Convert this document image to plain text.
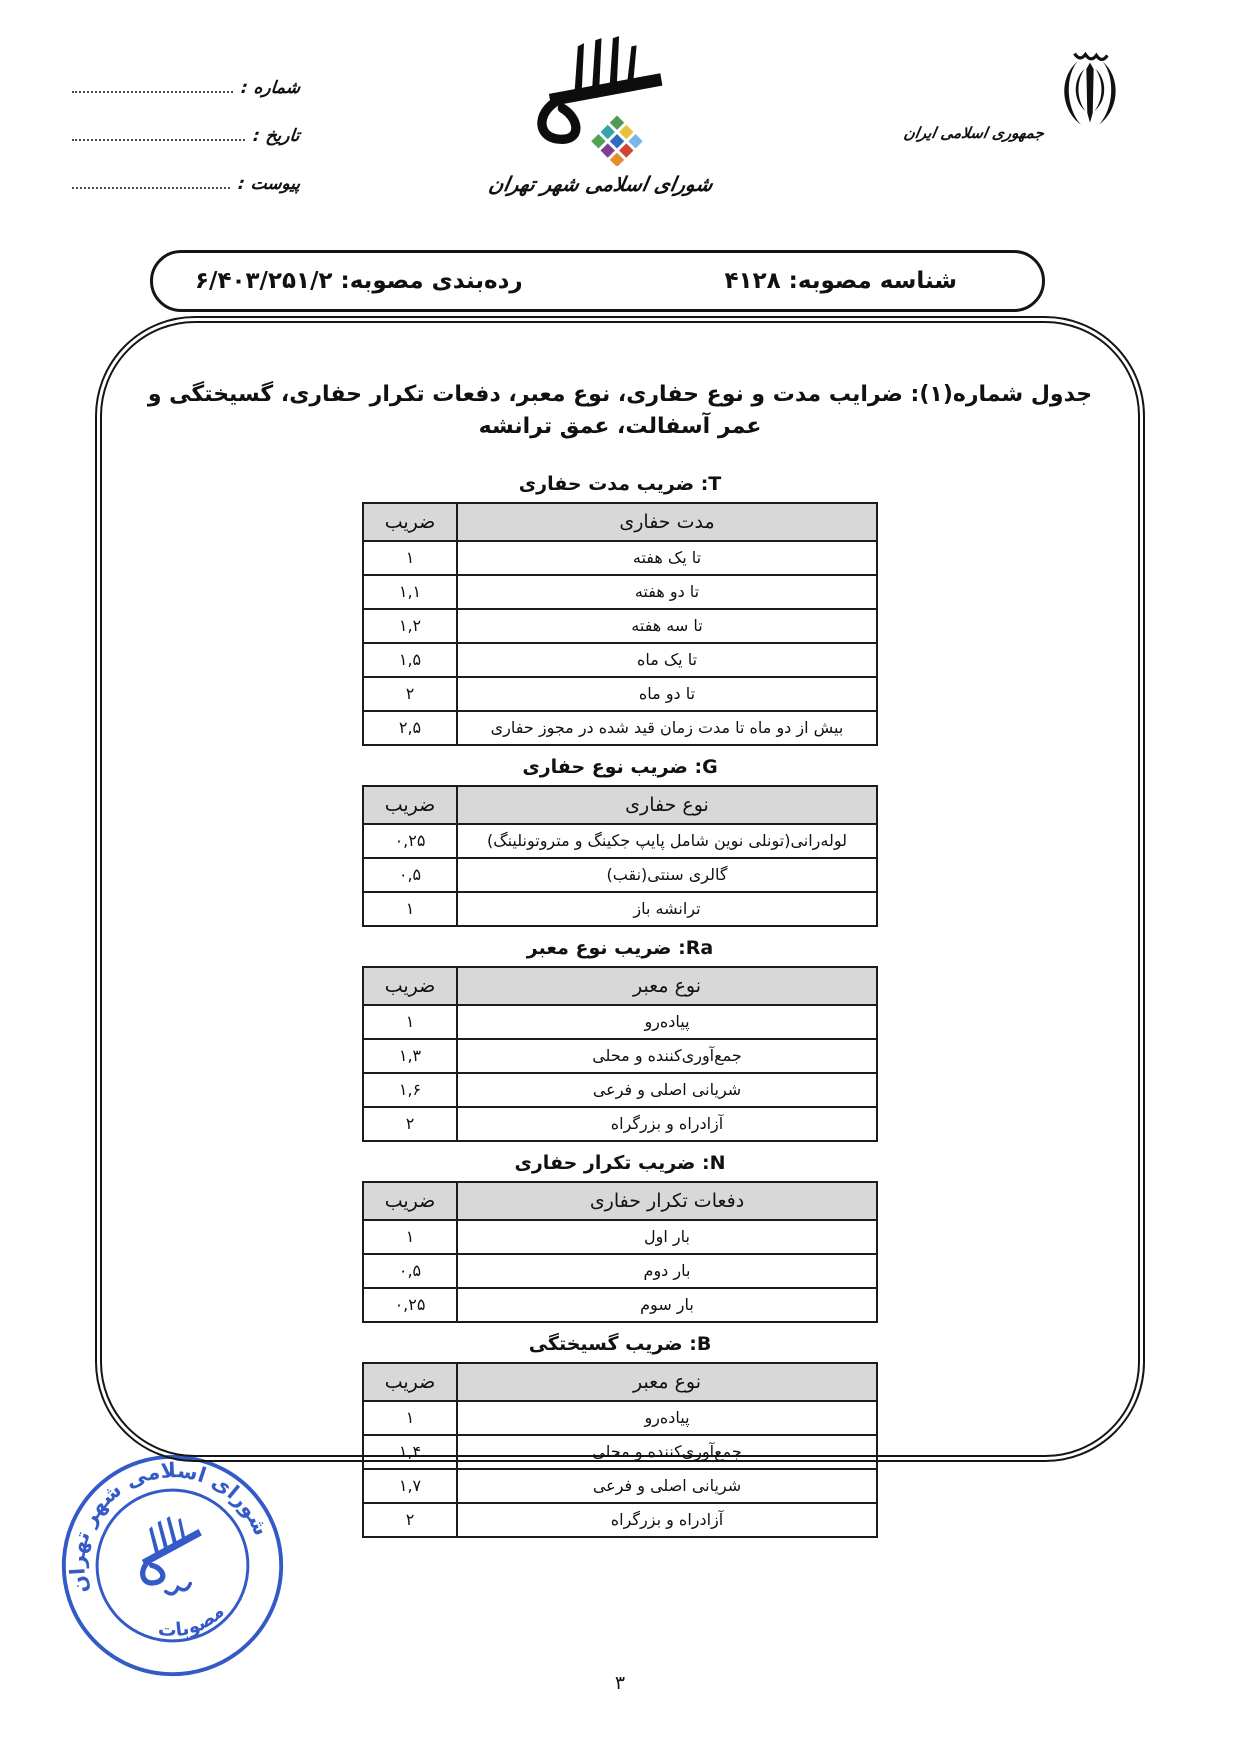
شماره :
تاریخ :
پیوست :	شورای اسلامی شهر تهران
جمهوری اسلامی ایران
شناسه مصوبه: ۴۱۲۸
رده‌بندی مصوبه: ۶/۴۰۳/۲۵۱/۲
جدول شماره(۱): ضرایب مدت و نوع حفاری، نوع معبر، دفعات تکرار حفاری، گسیختگی و عمر آسفالت، عمق ترانشه
T: ضریب مدت حفاری
مدت حفاری	ضریب
تا یک هفته	۱
تا دو هفته	۱,۱
تا سه هفته	۱,۲
تا یک ماه	۱,۵
تا دو ماه	۲
بیش از دو ماه تا مدت زمان قید شده در مجوز حفاری	۲,۵
G: ضریب نوع حفاری
نوع حفاری	ضریب
لوله‌رانی(تونلی نوین شامل پایپ جکینگ و متروتونلینگ)	۰,۲۵
گالری سنتی(نقب)	۰,۵
ترانشه باز	۱
Ra: ضریب نوع معبر
نوع معبر	ضریب
پیاده‌رو	۱
جمع‌آوری‌کننده و محلی	۱,۳
شریانی اصلی و فرعی	۱,۶
آزادراه و بزرگراه	۲
N: ضریب تکرار حفاری
دفعات تکرار حفاری	ضریب
بار اول	۱
بار دوم	۰,۵
بار سوم	۰,۲۵
B: ضریب گسیختگی
نوع معبر	ضریب
پیاده‌رو	۱
جمع‌آوری‌کننده و محلی	۱,۴
شریانی اصلی و فرعی	۱,۷
آزادراه و بزرگراه	۲
شورای اسلامی شهر تهران
مصوبات
۳
